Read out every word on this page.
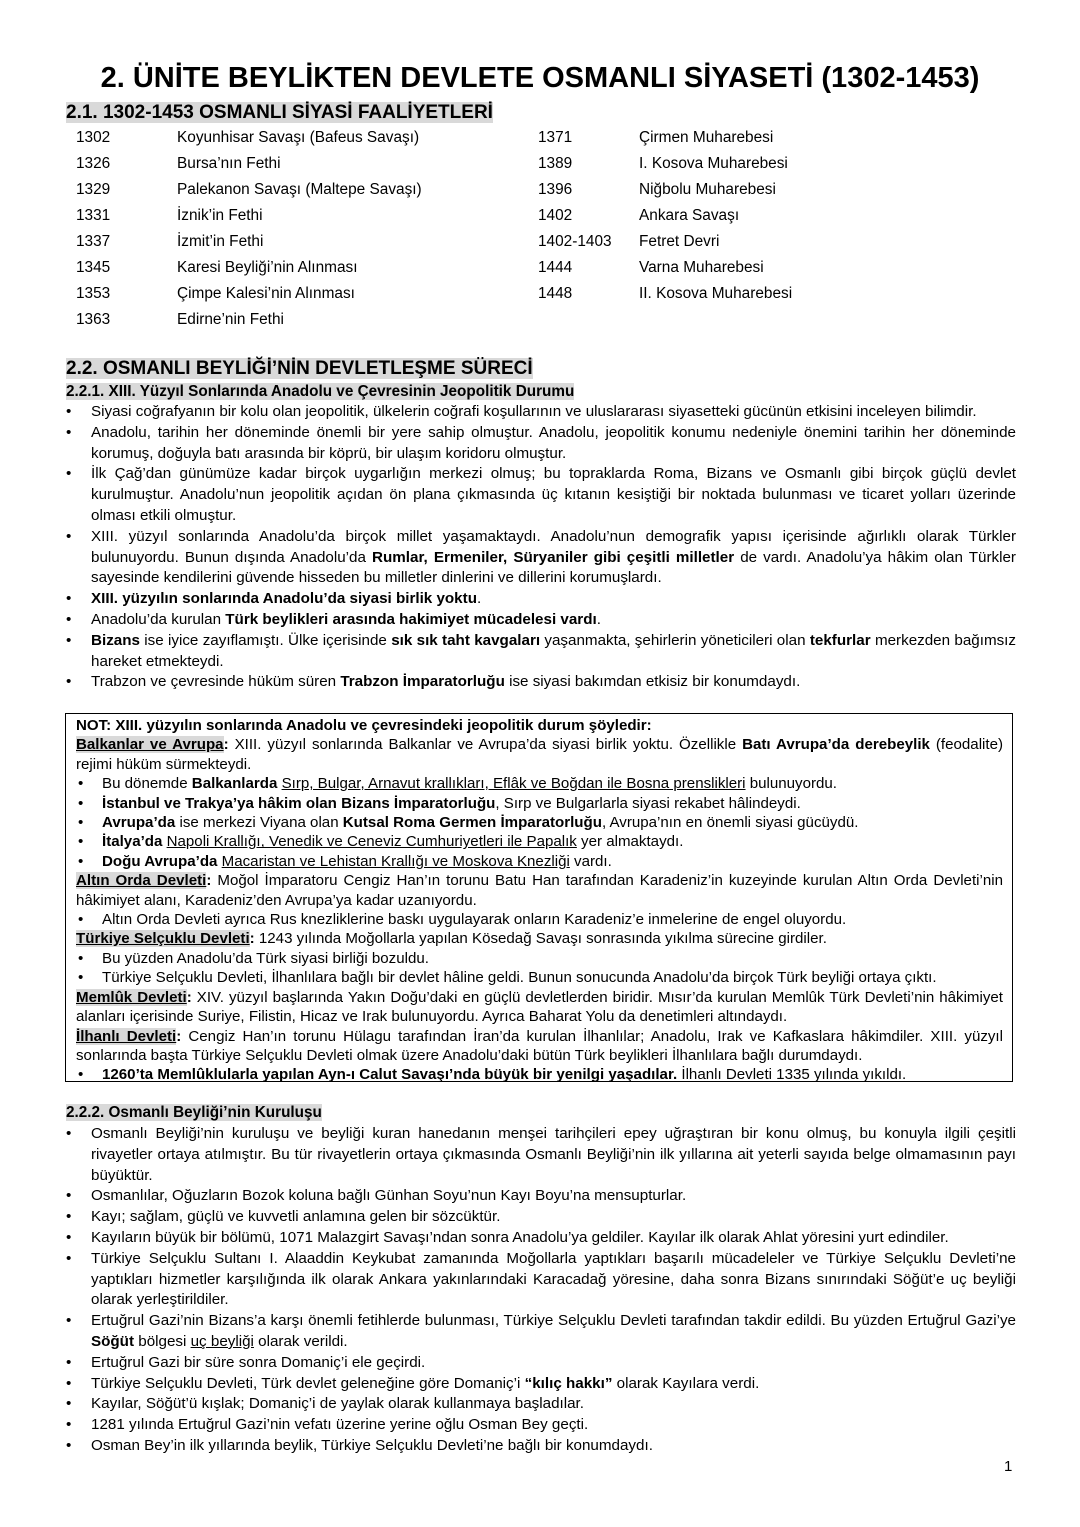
2. ÜNİTE BEYLİKTEN DEVLETE OSMANLI SİYASETİ (1302-1453)
2.1. 1302-1453 OSMANLI SİYASİ FAALİYETLERİ
1302	Koyunhisar Savaşı (Bafeus Savaşı)
1326	Bursa’nın Fethi
1329	Palekanon Savaşı (Maltepe Savaşı)
1331	İznik’in Fethi
1337	İzmit’in Fethi
1345	Karesi Beyliği’nin Alınması
1353	Çimpe Kalesi’nin Alınması
1363	Edirne’nin Fethi
1371	Çirmen Muharebesi
1389	I. Kosova Muharebesi
1396	Niğbolu Muharebesi
1402	Ankara Savaşı
1402-1403 Fetret Devri
1444	Varna Muharebesi
1448	II. Kosova Muharebesi
2.2. OSMANLI BEYLİĞİ’NİN DEVLETLEŞME SÜRECİ
2.2.1. XIII. Yüzyıl Sonlarında Anadolu ve Çevresinin Jeopolitik Durumu
• Siyasi coğrafyanın bir kolu olan jeopolitik, ülkelerin coğrafi koşullarının ve uluslararası siyasetteki gücünün etkisini inceleyen bilimdir.
• Anadolu, tarihin her döneminde önemli bir yere sahip olmuştur. Anadolu, jeopolitik konumu nedeniyle önemini tarihin her döneminde korumuş, doğuyla batı arasında bir köprü, bir ulaşım koridoru olmuştur.
• İlk Çağ’dan günümüze kadar birçok uygarlığın merkezi olmuş; bu topraklarda Roma, Bizans ve Osmanlı gibi birçok güçlü devlet kurulmuştur. Anadolu’nun jeopolitik açıdan ön plana çıkmasında üç kıtanın kesiştiği bir noktada bulunması ve ticaret yolları üzerinde olması etkili olmuştur.
• XIII. yüzyıl sonlarında Anadolu’da birçok millet yaşamaktaydı. Anadolu’nun demografik yapısı içerisinde ağırlıklı olarak Türkler bulunuyordu. Bunun dışında Anadolu’da Rumlar, Ermeniler, Süryaniler gibi çeşitli milletler de vardı. Anadolu’ya hâkim olan Türkler sayesinde kendilerini güvende hisseden bu milletler dinlerini ve dillerini korumuşlardı.
• XIII. yüzyılın sonlarında Anadolu’da siyasi birlik yoktu.
• Anadolu’da kurulan Türk beylikleri arasında hakimiyet mücadelesi vardı.
• Bizans ise iyice zayıflamıştı. Ülke içerisinde sık sık taht kavgaları yaşanmakta, şehirlerin yöneticileri olan tekfurlar merkezden bağımsız hareket etmekteydi.
• Trabzon ve çevresinde hüküm süren Trabzon İmparatorluğu ise siyasi bakımdan etkisiz bir konumdaydı.

NOT: XIII. yüzyılın sonlarında Anadolu ve çevresindeki jeopolitik durum şöyledir:

Balkanlar ve Avrupa: XIII. yüzyıl sonlarında Balkanlar ve Avrupa’da siyasi birlik yoktu. Özellikle Batı Avrupa’da derebeylik (feodalite) rejimi hüküm sürmekteydi.

• Bu dönemde Balkanlarda Sırp, Bulgar, Arnavut krallıkları, Eflâk ve Boğdan ile Bosna prenslikleri bulunuyordu.
• İstanbul ve Trakya’ya hâkim olan Bizans İmparatorluğu, Sırp ve Bulgarlarla siyasi rekabet hâlindeydi.
• Avrupa’da ise merkezi Viyana olan Kutsal Roma Germen İmparatorluğu, Avrupa’nın en önemli siyasi gücüydü.
• İtalya’da Napoli Krallığı, Venedik ve Ceneviz Cumhuriyetleri ile Papalık yer almaktaydı.
• Doğu Avrupa’da Macaristan ve Lehistan Krallığı ve Moskova Knezliği vardı.

Altın Orda Devleti: Moğol İmparatoru Cengiz Han’ın torunu Batu Han tarafından Karadeniz’in kuzeyinde kurulan Altın Orda Devleti’nin hâkimiyet alanı, Karadeniz’den Avrupa’ya kadar uzanıyordu.

• Altın Orda Devleti ayrıca Rus knezliklerine baskı uygulayarak onların Karadeniz’e inmelerine de engel oluyordu.

Türkiye Selçuklu Devleti: 1243 yılında Moğollarla yapılan Kösedağ Savaşı sonrasında yıkılma sürecine girdiler.

• Bu yüzden Anadolu’da Türk siyasi birliği bozuldu.
• Türkiye Selçuklu Devleti, İlhanlılara bağlı bir devlet hâline geldi. Bunun sonucunda Anadolu’da birçok Türk beyliği ortaya çıktı.

Memlûk Devleti: XIV. yüzyıl başlarında Yakın Doğu’daki en güçlü devletlerden biridir. Mısır’da kurulan Memlûk Türk Devleti’nin hâkimiyet alanları içerisinde Suriye, Filistin, Hicaz ve Irak bulunuyordu. Ayrıca Baharat Yolu da denetimleri altındaydı.

İlhanlı Devleti: Cengiz Han’ın torunu Hülagu tarafından İran’da kurulan İlhanlılar; Anadolu, Irak ve Kafkaslara hâkimdiler. XIII. yüzyıl sonlarında başta Türkiye Selçuklu Devleti olmak üzere Anadolu’daki bütün Türk beylikleri İlhanlılara bağlı durumdaydı.

• 1260’ta Memlûklularla yapılan Ayn-ı Calut Savaşı’nda büyük bir yenilgi yaşadılar. İlhanlı Devleti 1335 yılında yıkıldı.
2.2.2. Osmanlı Beyliği’nin Kuruluşu
• Osmanlı Beyliği’nin kuruluşu ve beyliği kuran hanedanın menşei tarihçileri epey uğraştıran bir konu olmuş, bu konuyla ilgili çeşitli rivayetler ortaya atılmıştır. Bu tür rivayetlerin ortaya çıkmasında Osmanlı Beyliği’nin ilk yıllarına ait yeterli sayıda belge olmamasının payı büyüktür.
• Osmanlılar, Oğuzların Bozok koluna bağlı Günhan Soyu’nun Kayı Boyu’na mensupturlar.
• Kayı; sağlam, güçlü ve kuvvetli anlamına gelen bir sözcüktür.
• Kayıların büyük bir bölümü, 1071 Malazgirt Savaşı’ndan sonra Anadolu’ya geldiler. Kayılar ilk olarak Ahlat yöresini yurt edindiler.
• Türkiye Selçuklu Sultanı I. Alaaddin Keykubat zamanında Moğollarla yaptıkları başarılı mücadeleler ve Türkiye Selçuklu Devleti’ne yaptıkları hizmetler karşılığında ilk olarak Ankara yakınlarındaki Karacadağ yöresine, daha sonra Bizans sınırındaki Söğüt’e uç beyliği olarak yerleştirildiler.
• Ertuğrul Gazi’nin Bizans’a karşı önemli fetihlerde bulunması, Türkiye Selçuklu Devleti tarafından takdir edildi. Bu yüzden Ertuğrul Gazi’ye Söğüt bölgesi uç beyliği olarak verildi.
• Ertuğrul Gazi bir süre sonra Domaniç’i ele geçirdi.
• Türkiye Selçuklu Devleti, Türk devlet geleneğine göre Domaniç’i “kılıç hakkı” olarak Kayılara verdi.
• Kayılar, Söğüt’ü kışlak; Domaniç’i de yaylak olarak kullanmaya başladılar.
• 1281 yılında Ertuğrul Gazi’nin vefatı üzerine yerine oğlu Osman Bey geçti.
• Osman Bey’in ilk yıllarında beylik, Türkiye Selçuklu Devleti’ne bağlı bir konumdaydı.
1
